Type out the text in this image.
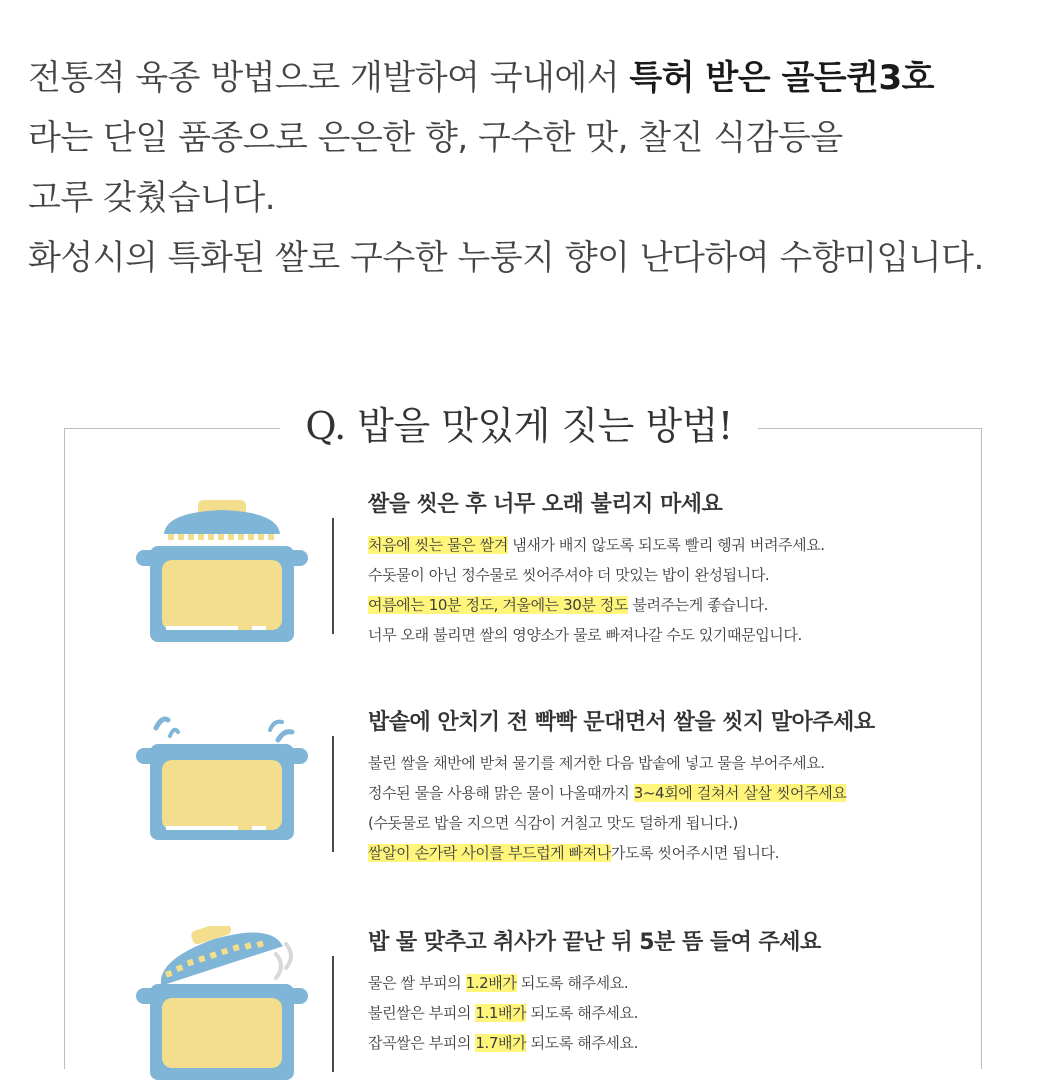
전통적 육종 방법으로 개발하여 국내에서 특허 받은 골든퀸3호

라는 단일 품종으로 은은한 향, 구수한 맛, 찰진 식감등을

고루 갖췄습니다.

화성시의 특화된 쌀로 구수한 누룽지 향이 난다하여 수향미입니다.

Q. 밥을 맛있게 짓는 방법!
쌀을 씻은 후 너무 오래 불리지 마세요
처음에 씻는 물은 쌀겨 냄새가 배지 않도록 되도록 빨리 헹궈 버려주세요.
수돗물이 아닌 정수물로 씻어주셔야 더 맛있는 밥이 완성됩니다.
여름에는 10분 정도, 겨울에는 30분 정도 불려주는게 좋습니다.
너무 오래 불리면 쌀의 영양소가 물로 빠져나갈 수도 있기때문입니다.
밥솥에 안치기 전 빡빡 문대면서 쌀을 씻지 말아주세요
불린 쌀을 채반에 받쳐 물기를 제거한 다음 밥솥에 넣고 물을 부어주세요.
정수된 물을 사용해 맑은 물이 나올때까지 3~4회에 걸쳐서 살살 씻어주세요
(수돗물로 밥을 지으면 식감이 거칠고 맛도 덜하게 됩니다.)
쌀알이 손가락 사이를 부드럽게 빠져나가도록 씻어주시면 됩니다.
밥 물 맞추고 취사가 끝난 뒤 5분 뜸 들여 주세요
물은 쌀 부피의 1.2배가 되도록 해주세요.
불린쌀은 부피의 1.1배가 되도록 해주세요.
잡곡쌀은 부피의 1.7배가 되도록 해주세요.
